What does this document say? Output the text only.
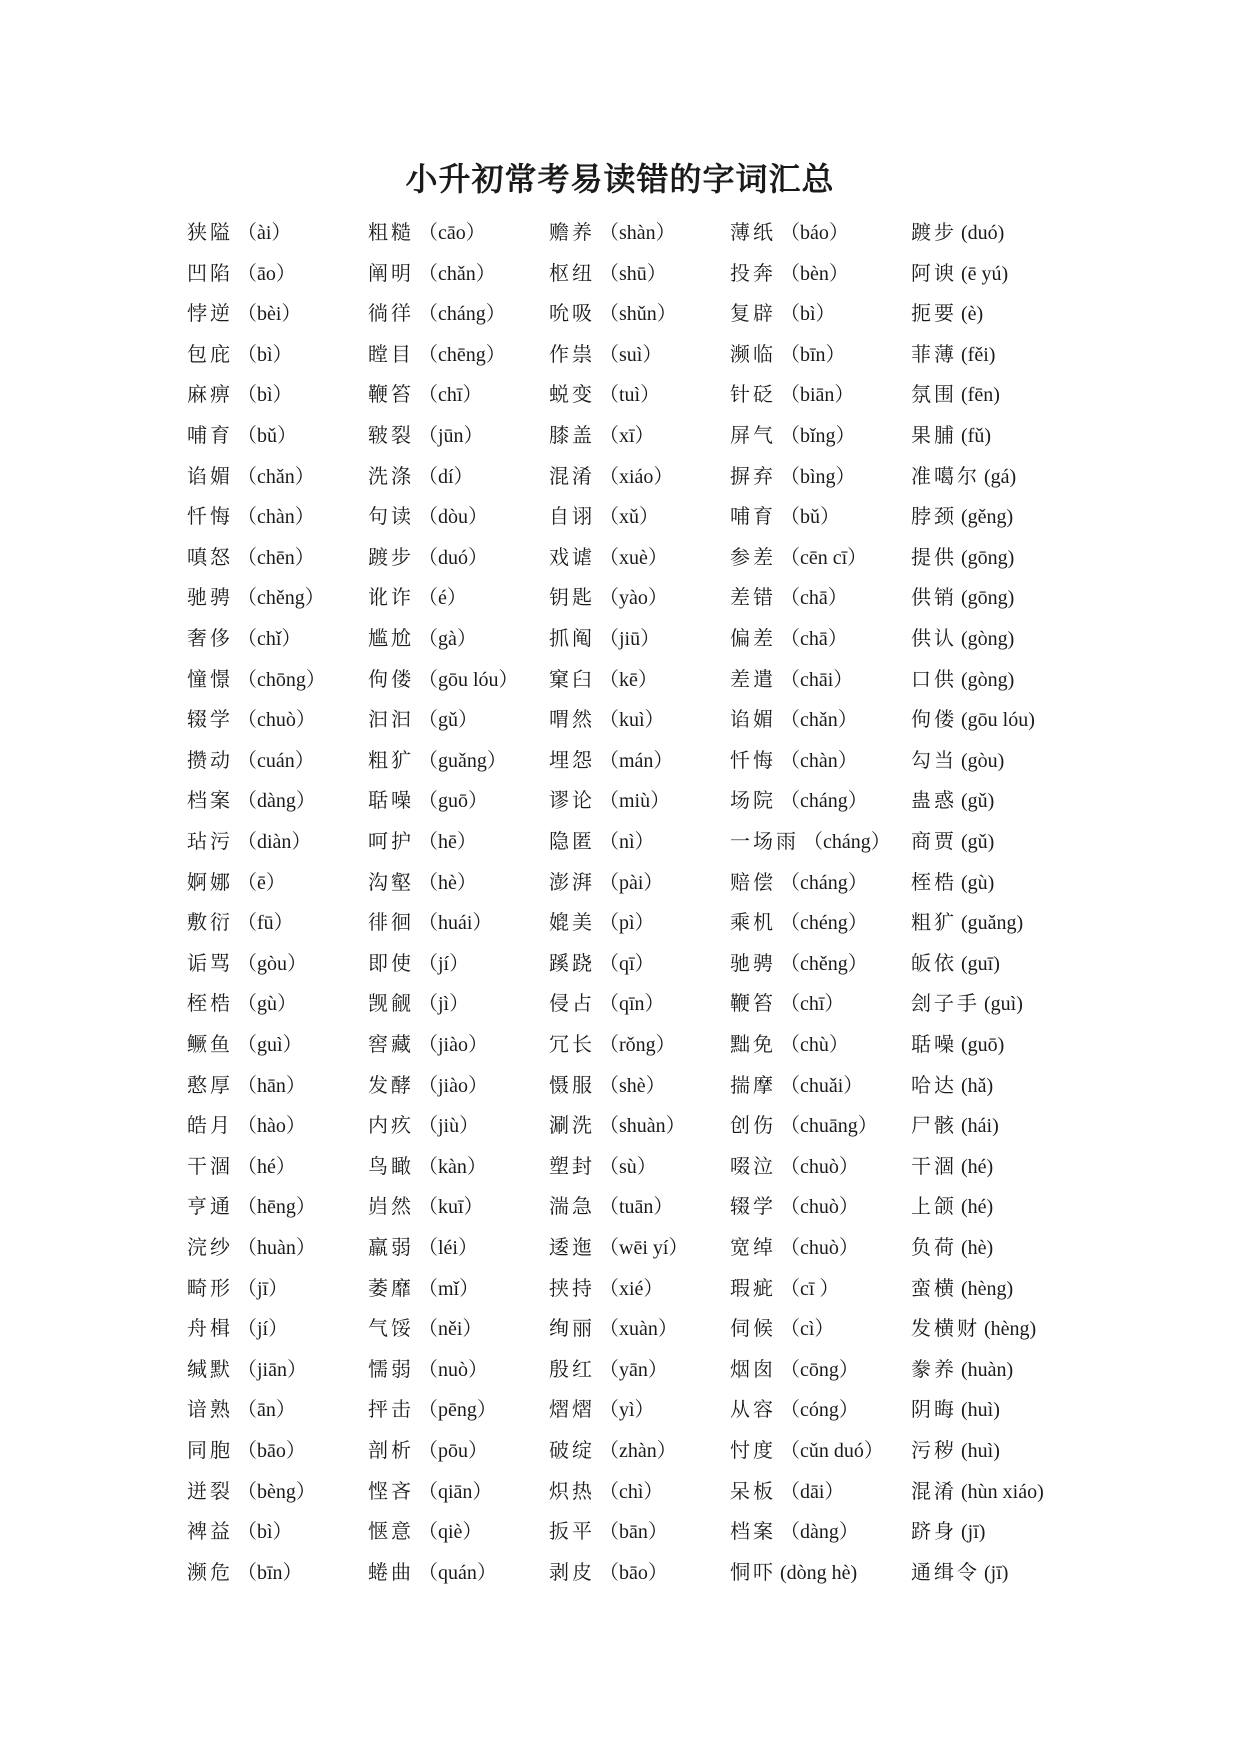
小升初常考易读错的字词汇总
狭隘 （ài）
凹陷 （āo）
悖逆 （bèi）
包庇 （bì）
麻痹 （bì）
哺育 （bǔ）
谄媚 （chǎn）
忏悔 （chàn）
嗔怒 （chēn）
驰骋 （chěng）
奢侈 （chǐ）
憧憬 （chōng）
辍学 （chuò）
攒动 （cuán）
档案 （dàng）
玷污 （diàn）
婀娜 （ē）
敷衍 （fū）
诟骂 （gòu）
桎梏 （gù）
鳜鱼 （guì）
憨厚 （hān）
皓月 （hào）
干涸 （hé）
亨通 （hēng）
浣纱 （huàn）
畸形 （jī）
舟楫 （jí）
缄默 （jiān）
谙熟 （ān）
同胞 （bāo）
迸裂 （bèng）
裨益 （bì）
濒危 （bīn）
粗糙 （cāo）
阐明 （chǎn）
徜徉 （cháng）
瞠目 （chēng）
鞭笞 （chī）
皲裂 （jūn）
洗涤 （dí）
句读 （dòu）
踱步 （duó）
讹诈 （é）
尴尬 （gà）
佝偻 （gōu lóu）
汩汩 （gǔ）
粗犷 （guǎng）
聒噪 （guō）
呵护 （hē）
沟壑 （hè）
徘徊 （huái）
即使 （jí）
觊觎 （jì）
窖藏 （jiào）
发酵 （jiào）
内疚 （jiù）
鸟瞰 （kàn）
岿然 （kuī）
羸弱 （léi）
萎靡 （mǐ）
气馁 （něi）
懦弱 （nuò）
抨击 （pēng）
剖析 （pōu）
悭吝 （qiān）
惬意 （qiè）
蜷曲 （quán）
赡养 （shàn）
枢纽 （shū）
吮吸 （shǔn）
作祟 （suì）
蜕变 （tuì）
膝盖 （xī）
混淆 （xiáo）
自诩 （xǔ）
戏谑 （xuè）
钥匙 （yào）
抓阄 （jiū）
窠臼 （kē）
喟然 （kuì）
埋怨 （mán）
谬论 （miù）
隐匿 （nì）
澎湃 （pài）
媲美 （pì）
蹊跷 （qī）
侵占 （qīn）
冗长 （rǒng）
慑服 （shè）
涮洗 （shuàn）
塑封 （sù）
湍急 （tuān）
逶迤 （wēi yí）
挟持 （xié）
绚丽 （xuàn）
殷红 （yān）
熠熠 （yì）
破绽 （zhàn）
炽热 （chì）
扳平 （bān）
剥皮 （bāo）
薄纸 （báo）
投奔 （bèn）
复辟 （bì）
濒临 （bīn）
针砭 （biān）
屏气 （bǐng）
摒弃 （bìng）
哺育 （bǔ）
参差 （cēn cī）
差错 （chā）
偏差 （chā）
差遣 （chāi）
谄媚 （chǎn）
忏悔 （chàn）
场院 （cháng）
一场雨 （cháng）
赔偿 （cháng）
乘机 （chéng）
驰骋 （chěng）
鞭笞 （chī）
黜免 （chù）
揣摩 （chuǎi）
创伤 （chuāng）
啜泣 （chuò）
辍学 （chuò）
宽绰 （chuò）
瑕疵 （cī ）
伺候 （cì）
烟囱 （cōng）
从容 （cóng）
忖度 （cǔn duó）
呆板 （dāi）
档案 （dàng）
恫吓 (dòng hè)
踱步 (duó)
阿谀 (ē yú)
扼要 (è)
菲薄 (fěi)
氛围 (fēn)
果脯 (fǔ)
准噶尔 (gá)
脖颈 (gěng)
提供 (gōng)
供销 (gōng)
供认 (gòng)
口供 (gòng)
佝偻 (gōu lóu)
勾当 (gòu)
蛊惑 (gǔ)
商贾 (gǔ)
桎梏 (gù)
粗犷 (guǎng)
皈依 (guī)
刽子手 (guì)
聒噪 (guō)
哈达 (hǎ)
尸骸 (hái)
干涸 (hé)
上颌 (hé)
负荷 (hè)
蛮横 (hèng)
发横财 (hèng)
豢养 (huàn)
阴晦 (huì)
污秽 (huì)
混淆 (hùn xiáo)
跻身 (jī)
通缉令 (jī)
